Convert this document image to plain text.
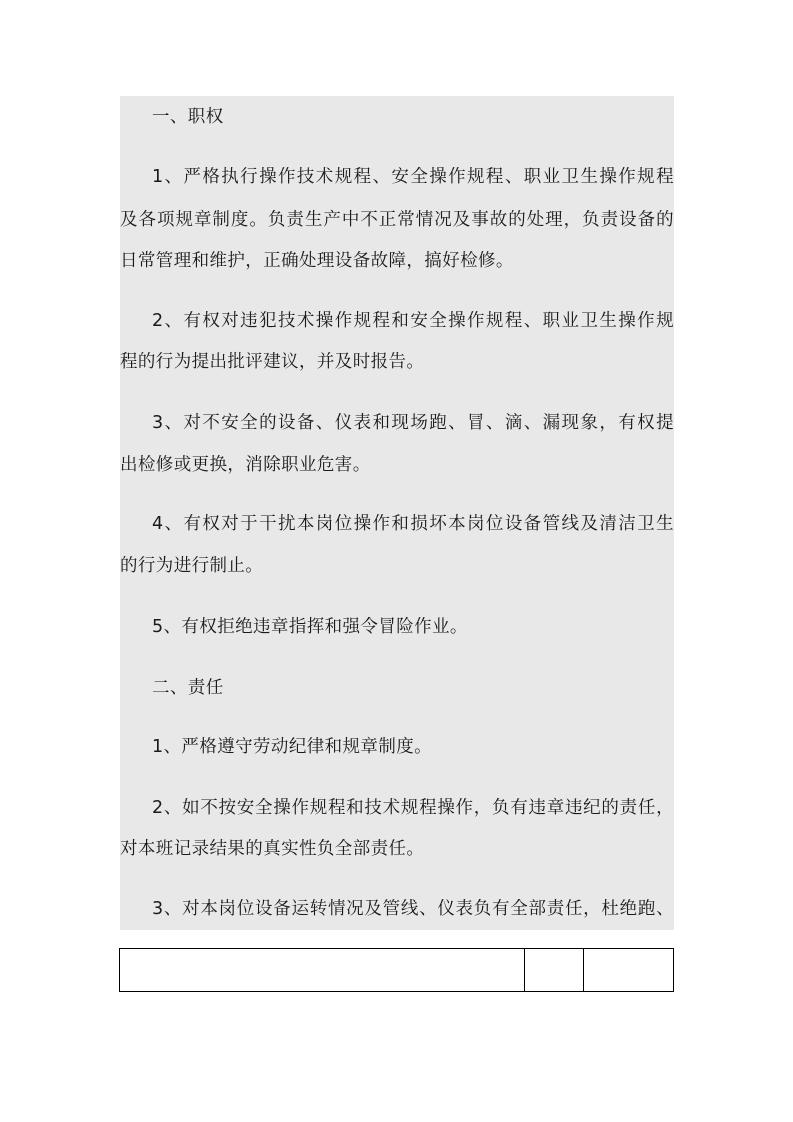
一、职权
1、严格执行操作技术规程、安全操作规程、职业卫生操作规程
及各项规章制度。负责生产中不正常情况及事故的处理，负责设备的
日常管理和维护，正确处理设备故障，搞好检修。
2、有权对违犯技术操作规程和安全操作规程、职业卫生操作规
程的行为提出批评建议，并及时报告。
3、对不安全的设备、仪表和现场跑、冒、滴、漏现象，有权提
出检修或更换，消除职业危害。
4、有权对于干扰本岗位操作和损坏本岗位设备管线及清洁卫生
的行为进行制止。
5、有权拒绝违章指挥和强令冒险作业。
二、责任
1、严格遵守劳动纪律和规章制度。
2、如不按安全操作规程和技术规程操作，负有违章违纪的责任，
对本班记录结果的真实性负全部责任。
3、对本岗位设备运转情况及管线、仪表负有全部责任，杜绝跑、
